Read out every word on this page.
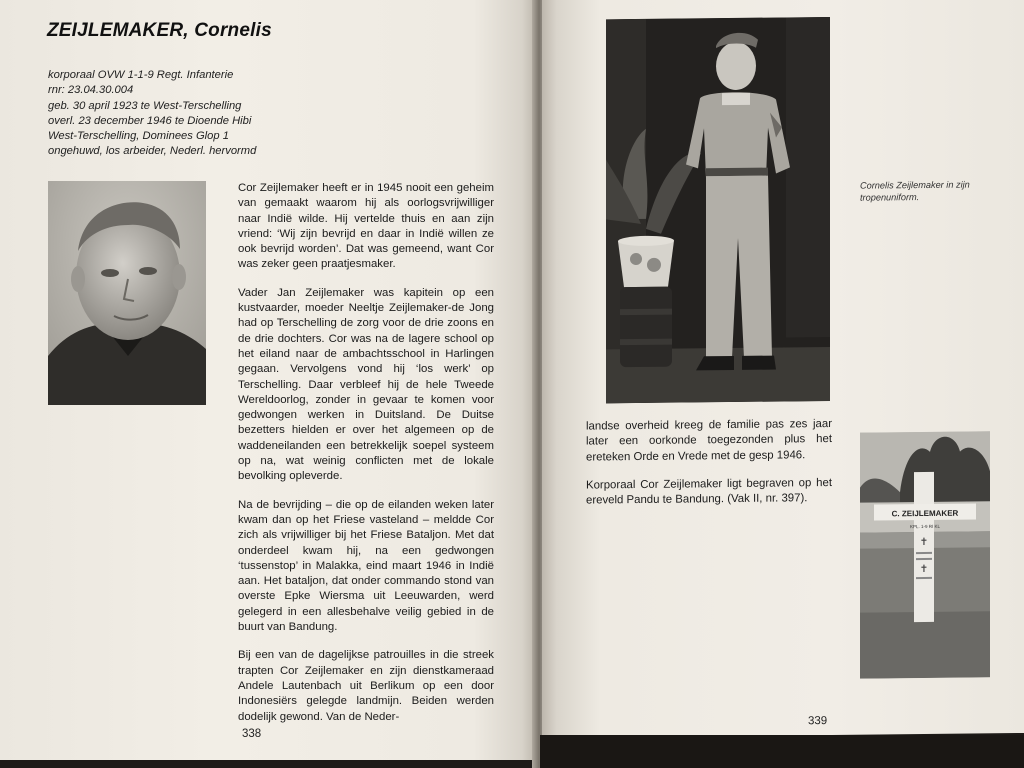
ZEIJLEMAKER, Cornelis
korporaal OVW 1-1-9 Regt. Infanterie
rnr: 23.04.30.004
geb. 30 april 1923 te West-Terschelling
overl. 23 december 1946 te Dioende Hibi
West-Terschelling, Dominees Glop 1
ongehuwd, los arbeider, Nederl. hervormd

Cor Zeijlemaker heeft er in 1945 nooit een geheim van gemaakt waarom hij als oorlogsvrijwilliger naar Indië wilde. Hij vertelde thuis en aan zijn vriend: ‘Wij zijn bevrijd en daar in Indië willen ze ook bevrijd worden’. Dat was gemeend, want Cor was zeker geen praatjesmaker.

Vader Jan Zeijlemaker was kapitein op een kustvaarder, moeder Neeltje Zeijlemaker-de Jong had op Terschelling de zorg voor de drie zoons en de drie dochters. Cor was na de lagere school op het eiland naar de ambachtsschool in Harlingen gegaan. Vervolgens vond hij ‘los werk’ op Terschelling. Daar verbleef hij de hele Tweede Wereldoorlog, zonder in gevaar te komen voor gedwongen werken in Duitsland. De Duitse bezetters hielden er over het algemeen op de waddeneilanden een betrekkelijk soepel systeem op na, wat weinig conflicten met de lokale bevolking opleverde.

Na de bevrijding – die op de eilanden weken later kwam dan op het Friese vasteland – meldde Cor zich als vrijwilliger bij het Friese Bataljon. Met dat onderdeel kwam hij, na een gedwongen ‘tussenstop’ in Malakka, eind maart 1946 in Indië aan. Het bataljon, dat onder commando stond van overste Epke Wiersma uit Leeuwarden, werd gelegerd in een allesbehalve veilig gebied in de buurt van Bandung.

Bij een van de dagelijkse patrouilles in die streek trapten Cor Zeijlemaker en zijn dienstkameraad Andele Lautenbach uit Berlikum op een door Indonesiërs gelegde landmijn. Beiden werden dodelijk gewond. Van de Neder-

338
Cornelis Zeijlemaker in zijn tropenuniform.

landse overheid kreeg de familie pas zes jaar later een oorkonde toegezonden plus het ereteken Orde en Vrede met de gesp 1946.

Korporaal Cor Zeijlemaker ligt begraven op het ereveld Pandu te Bandung. (Vak II, nr. 397).

C. ZEIJLEMAKER
KPL. 1-9 RI KL
✝
✝
339
